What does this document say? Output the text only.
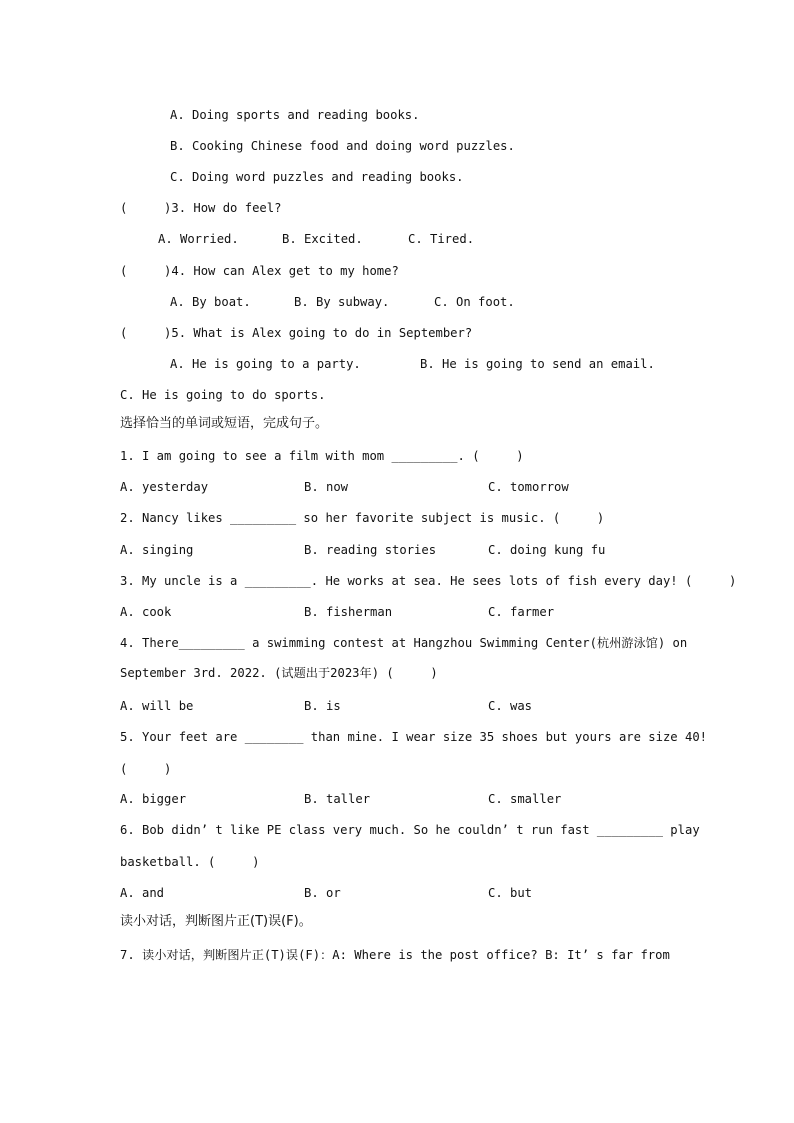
A. Doing sports and reading books.
B. Cooking Chinese food and doing word puzzles.
C. Doing word puzzles and reading books.
(     )3. How do feel?

A. Worried.

	B. Excited.

	C. Tired.

(     )4. How can Alex get to my home?

A. By boat.

	B. By subway.

	C. On foot.

(     )5. What is Alex going to do in September?

A. He is going to a party.

	B. He is going to send an email.

C. He is going to do sports.
选择恰当的单词或短语，完成句子。
1. I am going to see a film with mom _________. (     )

A. yesterday

	B. now

	C. tomorrow

2. Nancy likes _________ so her favorite subject is music. (     )

A. singing

	B. reading stories

	C. doing kung fu

3. My uncle is a _________. He works at sea. He sees lots of fish every day! (     )

A. cook

	B. fisherman

	C. farmer

4. There_________ a swimming contest at Hangzhou Swimming Center(杭州游泳馆) on
September 3rd. 2022. (试题出于2023年) (     )

A. will be

	B. is

	C. was

5. Your feet are ________ than mine. I wear size 35 shoes but yours are size 40!
(     )

A. bigger

	B. taller

	C. smaller

6. Bob didn’ t like PE class very much. So he couldn’ t run fast _________ play
basketball. (     )

A. and

	B. or

	C. but

读小对话，判断图片正(T)误(F)。
7. 读小对话，判断图片正(T)误(F)：A: Where is the post office? B: It’ s far from
